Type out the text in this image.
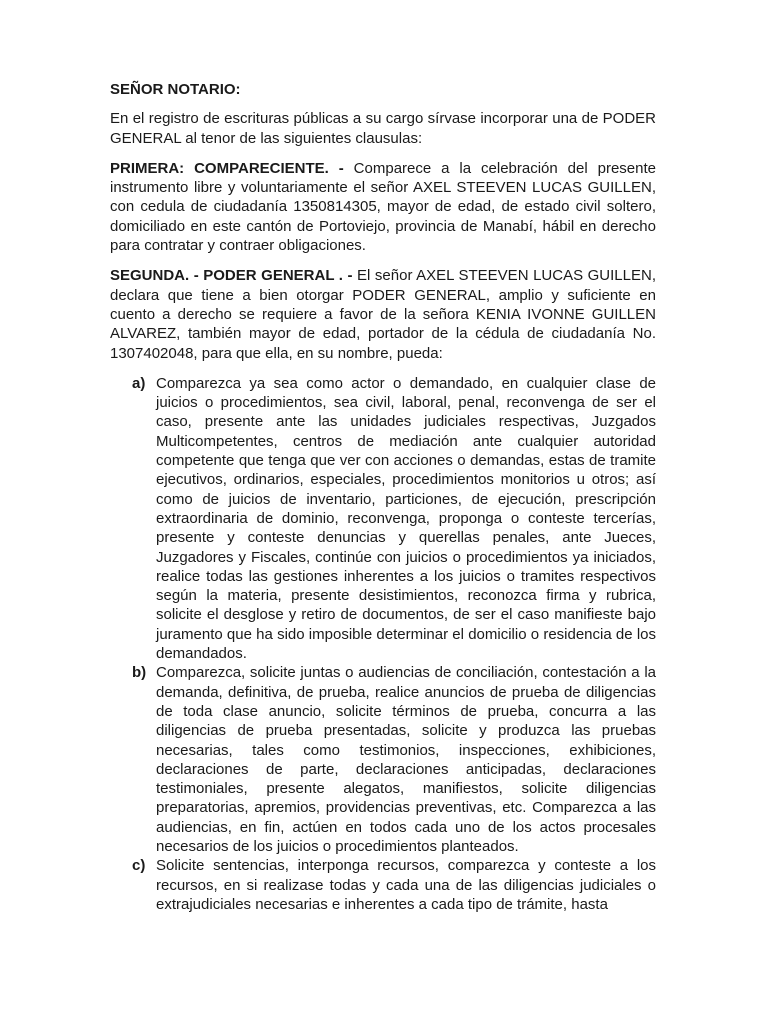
SEÑOR NOTARIO:

En el registro de escrituras públicas a su cargo sírvase incorporar una de PODER GENERAL al tenor de las siguientes clausulas:

PRIMERA: COMPARECIENTE. - Comparece a la celebración del presente instrumento libre y voluntariamente el señor AXEL STEEVEN LUCAS GUILLEN, con cedula de ciudadanía 1350814305, mayor de edad, de estado civil soltero, domiciliado en este cantón de Portoviejo, provincia de Manabí, hábil en derecho para contratar y contraer obligaciones.

SEGUNDA. - PODER GENERAL . - El señor AXEL STEEVEN LUCAS GUILLEN, declara que tiene a bien otorgar PODER GENERAL, amplio y suficiente en cuento a derecho se requiere a favor de la señora KENIA IVONNE GUILLEN ALVAREZ, también mayor de edad, portador de la cédula de ciudadanía No. 1307402048, para que ella, en su nombre, pueda:

a) Comparezca ya sea como actor o demandado, en cualquier clase de juicios o procedimientos, sea civil, laboral, penal, reconvenga de ser el caso, presente ante las unidades judiciales respectivas, Juzgados Multicompetentes, centros de mediación ante cualquier autoridad competente que tenga que ver con acciones o demandas, estas de tramite ejecutivos, ordinarios, especiales, procedimientos monitorios u otros; así como de juicios de inventario, particiones, de ejecución, prescripción extraordinaria de dominio, reconvenga, proponga o conteste tercerías, presente y conteste denuncias y querellas penales, ante Jueces, Juzgadores y Fiscales, continúe con juicios o procedimientos ya iniciados, realice todas las gestiones inherentes a los juicios o tramites respectivos según la materia, presente desistimientos, reconozca firma y rubrica, solicite el desglose y retiro de documentos, de ser el caso manifieste bajo juramento que ha sido imposible determinar el domicilio o residencia de los demandados.
b) Comparezca, solicite juntas o audiencias de conciliación, contestación a la demanda, definitiva, de prueba, realice anuncios de prueba de diligencias de toda clase anuncio, solicite términos de prueba, concurra a las diligencias de prueba presentadas, solicite y produzca las pruebas necesarias, tales como testimonios, inspecciones, exhibiciones, declaraciones de parte, declaraciones anticipadas, declaraciones testimoniales, presente alegatos, manifiestos, solicite diligencias preparatorias, apremios, providencias preventivas, etc. Comparezca a las audiencias, en fin, actúen en todos cada uno de los actos procesales necesarios de los juicios o procedimientos planteados.
c) Solicite sentencias, interponga recursos, comparezca y conteste a los recursos, en si realizase todas y cada una de las diligencias judiciales o extrajudiciales necesarias e inherentes a cada tipo de trámite, hasta
